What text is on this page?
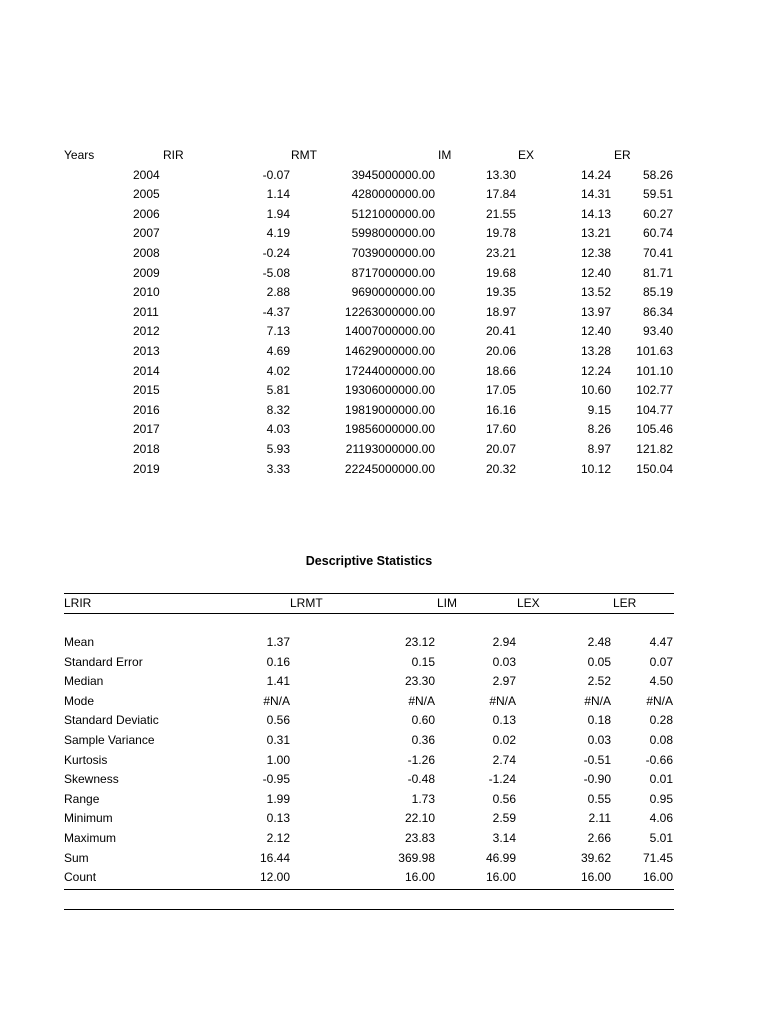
Years	RIR	RMT	IM	EX	ER
2004	-0.07	3945000000.00	13.30	14.24	58.26
2005	1.14	4280000000.00	17.84	14.31	59.51
2006	1.94	5121000000.00	21.55	14.13	60.27
2007	4.19	5998000000.00	19.78	13.21	60.74
2008	-0.24	7039000000.00	23.21	12.38	70.41
2009	-5.08	8717000000.00	19.68	12.40	81.71
2010	2.88	9690000000.00	19.35	13.52	85.19
2011	-4.37	12263000000.00	18.97	13.97	86.34
2012	7.13	14007000000.00	20.41	12.40	93.40
2013	4.69	14629000000.00	20.06	13.28 101.63
2014	4.02	17244000000.00	18.66	12.24 101.10
2015	5.81	19306000000.00	17.05	10.60 102.77
2016	8.32	19819000000.00	16.16	9.15 104.77
2017	4.03	19856000000.00	17.60	8.26 105.46
2018	5.93	21193000000.00	20.07	8.97 121.82
2019	3.33	22245000000.00	20.32	10.12 150.04
Descriptive Statistics
LRIR	LRMT	LIM	LEX	LER
Mean	1.37	23.12	2.94	2.48	4.47
Standard Error	0.16	0.15	0.03	0.05	0.07
Median	1.41	23.30	2.97	2.52	4.50
Mode	#N/A	#N/A	#N/A	#N/A	#N/A
Standard Deviatic	0.56	0.60	0.13	0.18	0.28
Sample Variance	0.31	0.36	0.02	0.03	0.08
Kurtosis	1.00	-1.26	2.74	-0.51	-0.66
Skewness	-0.95	-0.48	-1.24	-0.90	0.01
Range	1.99	1.73	0.56	0.55	0.95
Minimum	0.13	22.10	2.59	2.11	4.06
Maximum	2.12	23.83	3.14	2.66	5.01
Sum	16.44	369.98	46.99	39.62	71.45
Count	12.00	16.00	16.00	16.00	16.00
